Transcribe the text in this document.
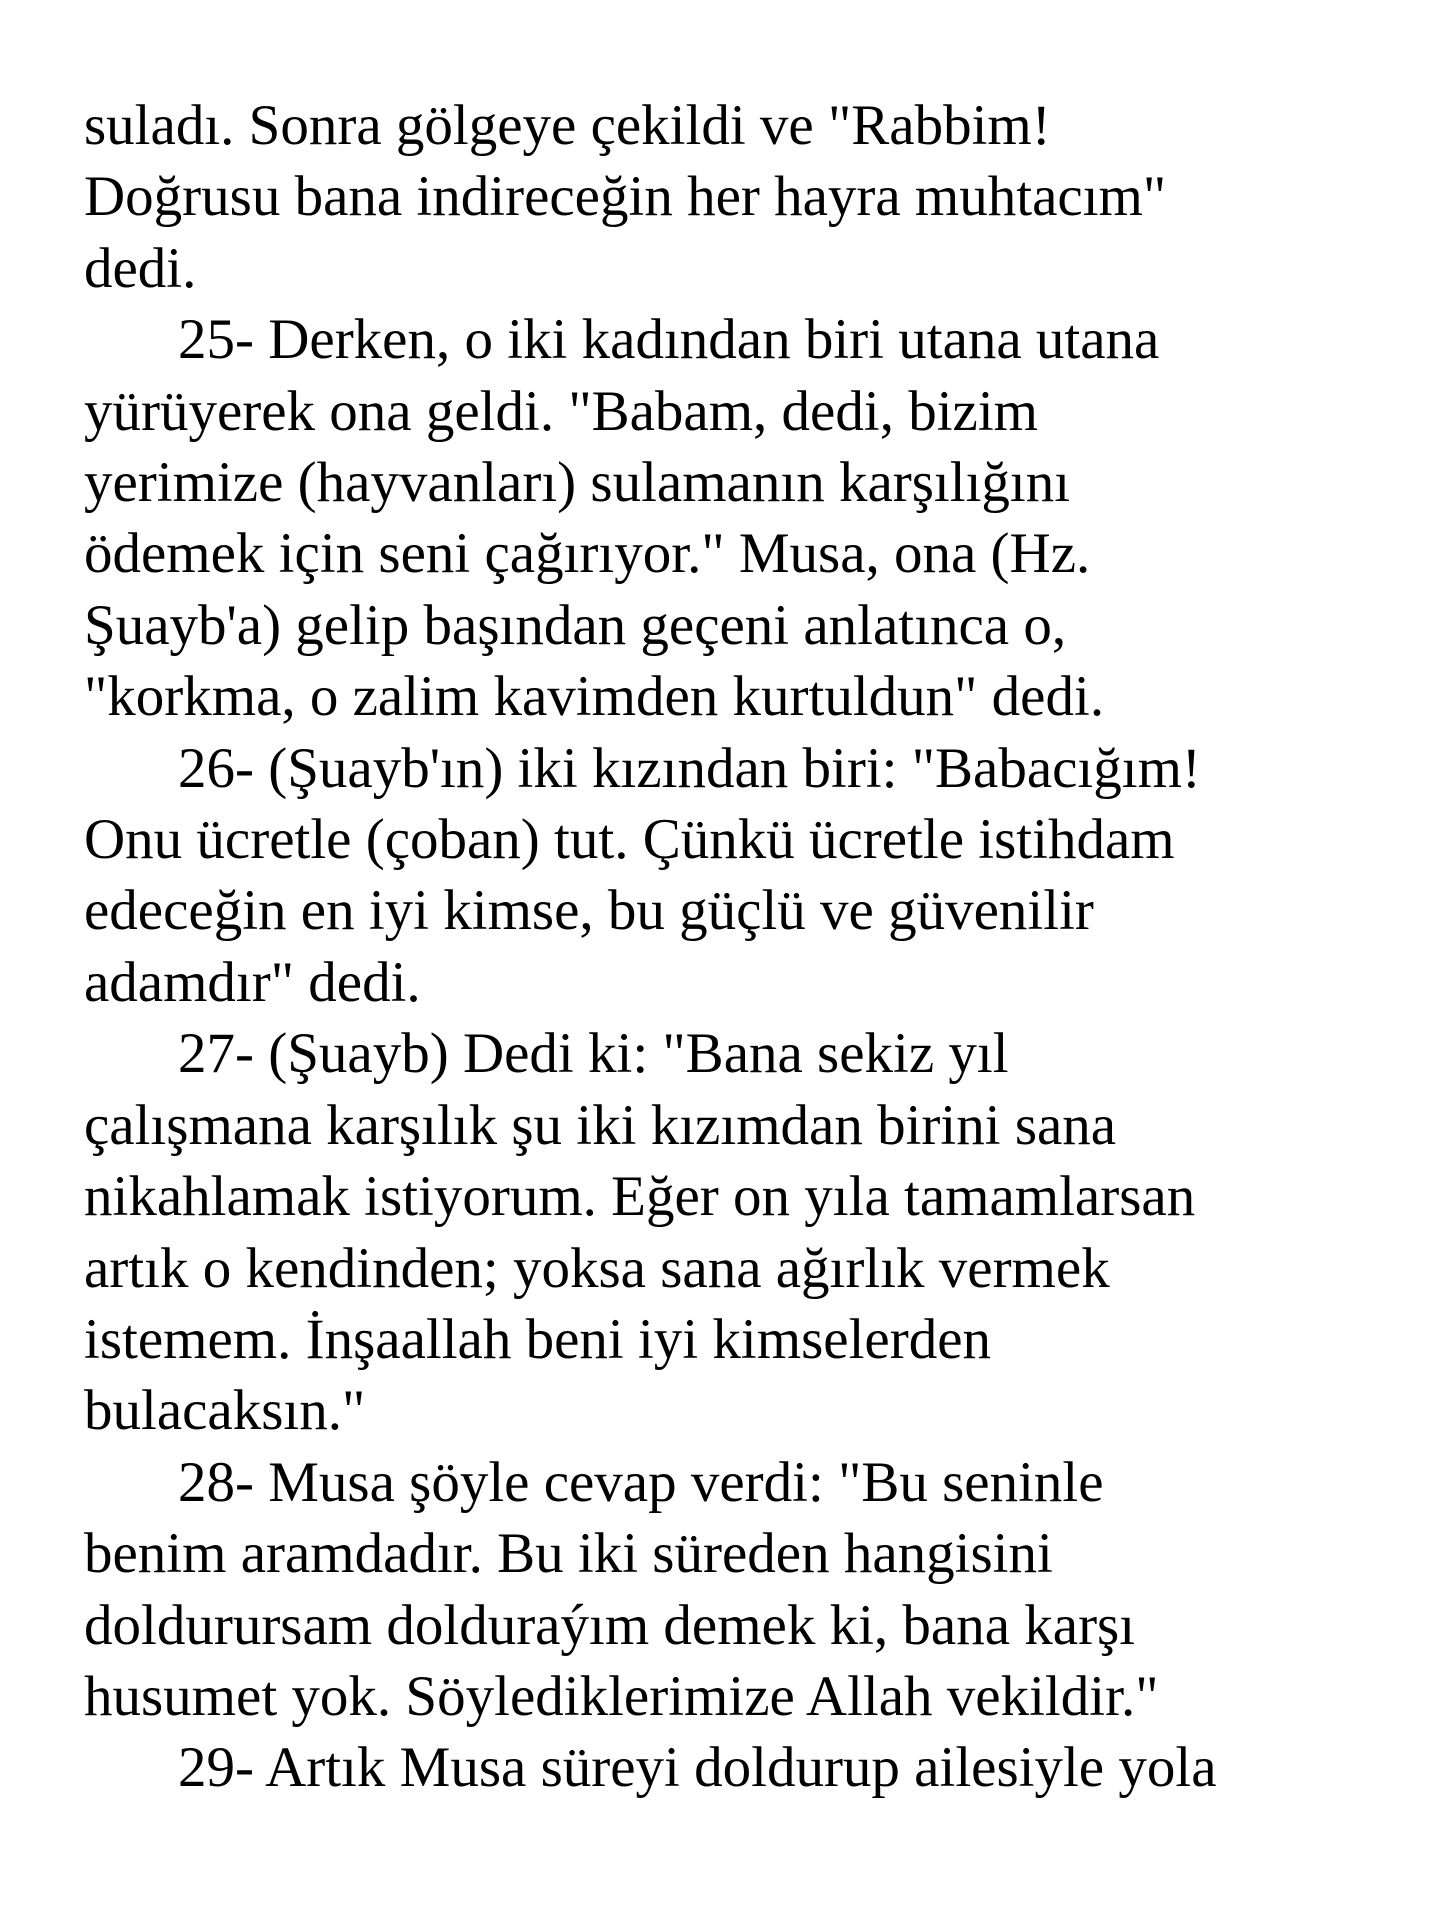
suladı. Sonra gölgeye çekildi ve "Rabbim!

Doğrusu bana indireceğin her hayra muhtacım"

dedi.

25- Derken, o iki kadından biri utana utana

yürüyerek ona geldi. "Babam, dedi, bizim

yerimize (hayvanları) sulamanın karşılığını

ödemek için seni çağırıyor." Musa, ona (Hz.

Şuayb'a) gelip başından geçeni anlatınca o,

"korkma, o zalim kavimden kurtuldun" dedi.

26- (Şuayb'ın) iki kızından biri: "Babacığım!

Onu ücretle (çoban) tut. Çünkü ücretle istihdam

edeceğin en iyi kimse, bu güçlü ve güvenilir

adamdır" dedi.

27- (Şuayb) Dedi ki: "Bana sekiz yıl

çalışmana karşılık şu iki kızımdan birini sana

nikahlamak istiyorum. Eğer on yıla tamamlarsan

artık o kendinden; yoksa sana ağırlık vermek

istemem. İnşaallah beni iyi kimselerden

bulacaksın."

28- Musa şöyle cevap verdi: "Bu seninle

benim aramdadır. Bu iki süreden hangisini

doldurursam dolduraýım demek ki, bana karşı

husumet yok. Söylediklerimize Allah vekildir."

29- Artık Musa süreyi doldurup ailesiyle yola
